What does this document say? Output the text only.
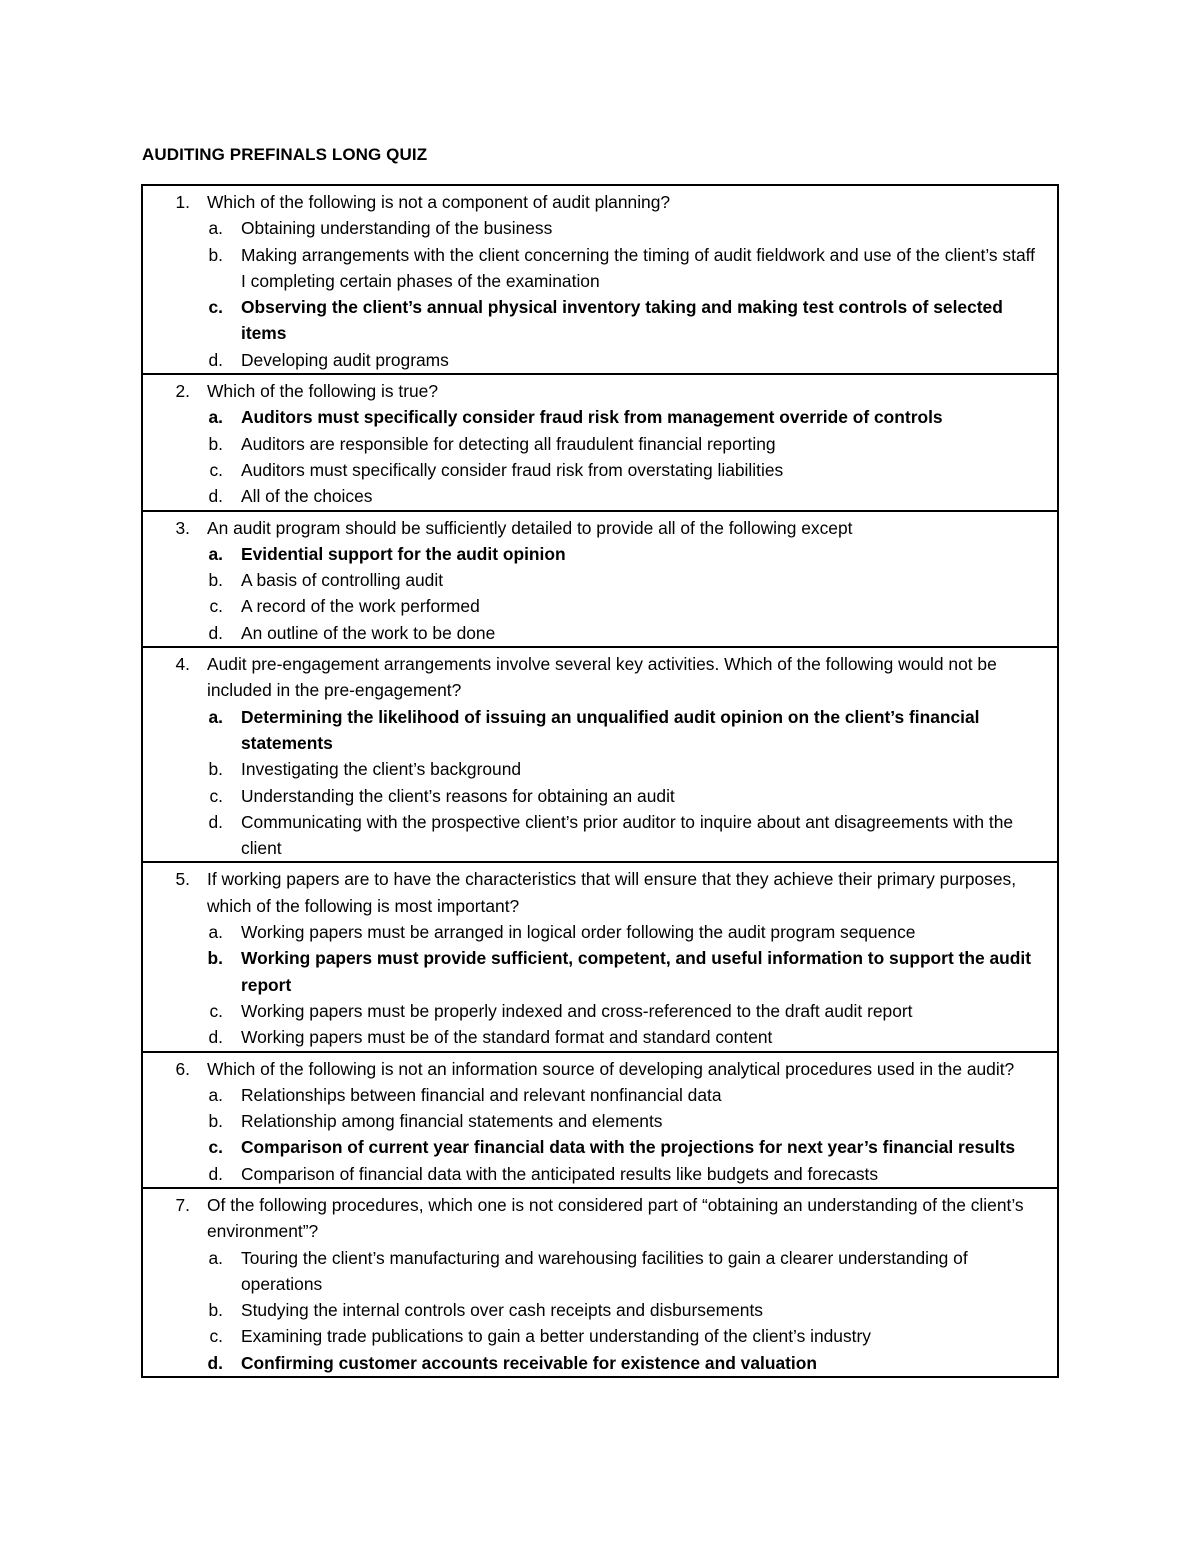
AUDITING PREFINALS LONG QUIZ
1. Which of the following is not a component of audit planning?
a.	Obtaining understanding of the business
b.	Making arrangements with the client concerning the timing of audit fieldwork and use of the client’s staff I completing certain phases of the examination
c.	Observing the client’s annual physical inventory taking and making test controls of selected items
d.	Developing audit programs
2. Which of the following is true?
a.	Auditors must specifically consider fraud risk from management override of controls
b.	Auditors are responsible for detecting all fraudulent financial reporting
c.	Auditors must specifically consider fraud risk from overstating liabilities
d.	All of the choices
3. An audit program should be sufficiently detailed to provide all of the following except
a.	Evidential support for the audit opinion
b.	A basis of controlling audit
c.	A record of the work performed
d.	An outline of the work to be done
4. Audit pre-engagement arrangements involve several key activities. Which of the following would not be included in the pre-engagement?
a.	Determining the likelihood of issuing an unqualified audit opinion on the client’s financial statements
b.	Investigating the client’s background
c.	Understanding the client’s reasons for obtaining an audit
d.	Communicating with the prospective client’s prior auditor to inquire about ant disagreements with the client
5. If working papers are to have the characteristics that will ensure that they achieve their primary purposes, which of the following is most important?
a.	Working papers must be arranged in logical order following the audit program sequence
b.	Working papers must provide sufficient, competent, and useful information to support the audit report
c.	Working papers must be properly indexed and cross-referenced to the draft audit report
d.	Working papers must be of the standard format and standard content
6. Which of the following is not an information source of developing analytical procedures used in the audit?
a.	Relationships between financial and relevant nonfinancial data
b.	Relationship among financial statements and elements
c.	Comparison of current year financial data with the projections for next year’s financial results
d.	Comparison of financial data with the anticipated results like budgets and forecasts
7. Of the following procedures, which one is not considered part of “obtaining an understanding of the client’s environment”?
a.	Touring the client’s manufacturing and warehousing facilities to gain a clearer understanding of operations
b.	Studying the internal controls over cash receipts and disbursements
c.	Examining trade publications to gain a better understanding of the client’s industry
d.	Confirming customer accounts receivable for existence and valuation
